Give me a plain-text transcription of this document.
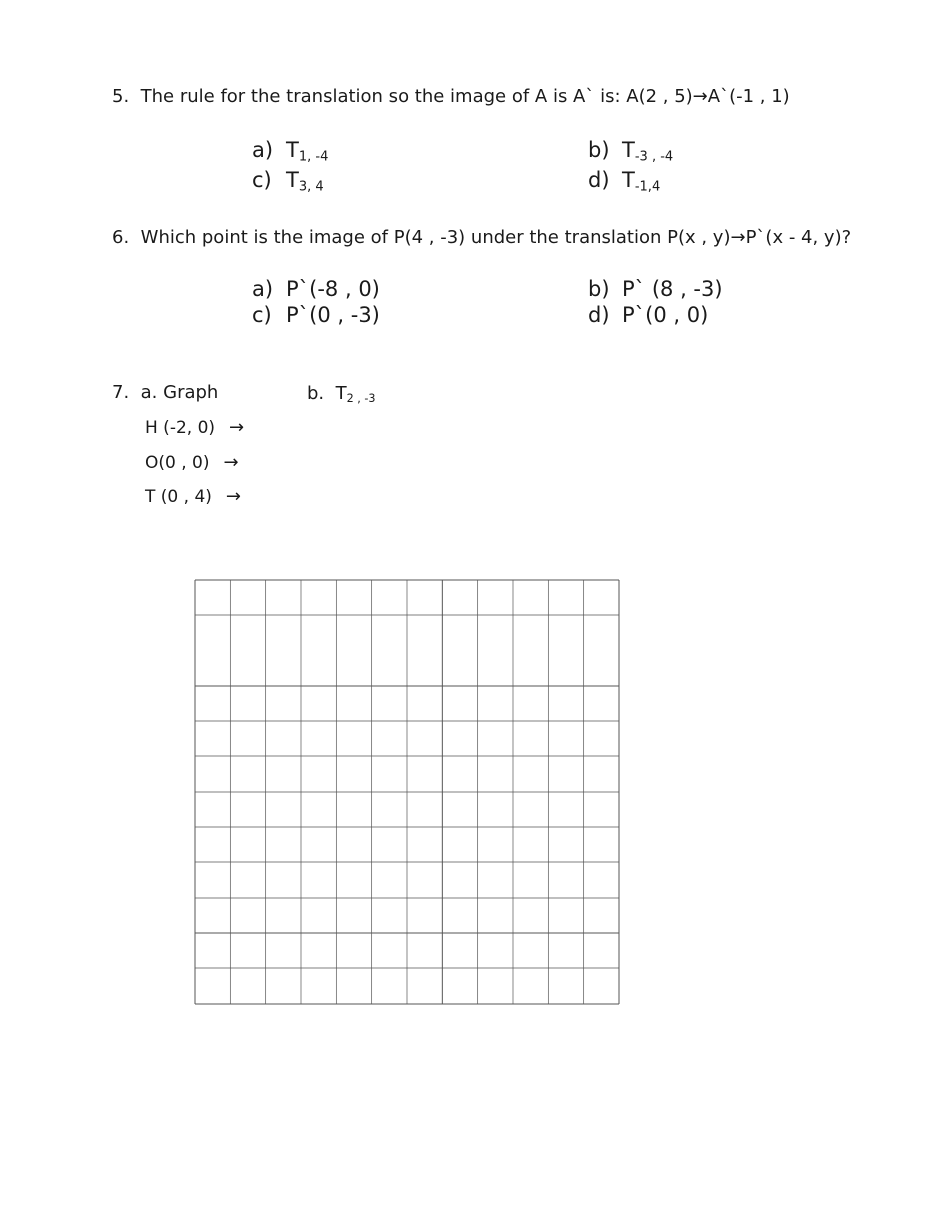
5. The rule for the translation so the image of A is A` is: A(2 , 5)→A`(-1 , 1)
a) $T_{1, -4}$	b) $T_{-3 , -4}$
c) $T_{3, 4}$	d) $T_{-1,4}$
6. Which point is the image of P(4 , -3) under the translation P(x , y)→P`(x - 4, y)?
a) P`(-8 , 0)	b) P` (8 , -3)
c) P`(0 , -3)	d) P`(0 , 0)
7. a. Graph	b. $T_{2 , -3}$
H (-2, 0) →
O(0 , 0) →
T (0 , 4) →
